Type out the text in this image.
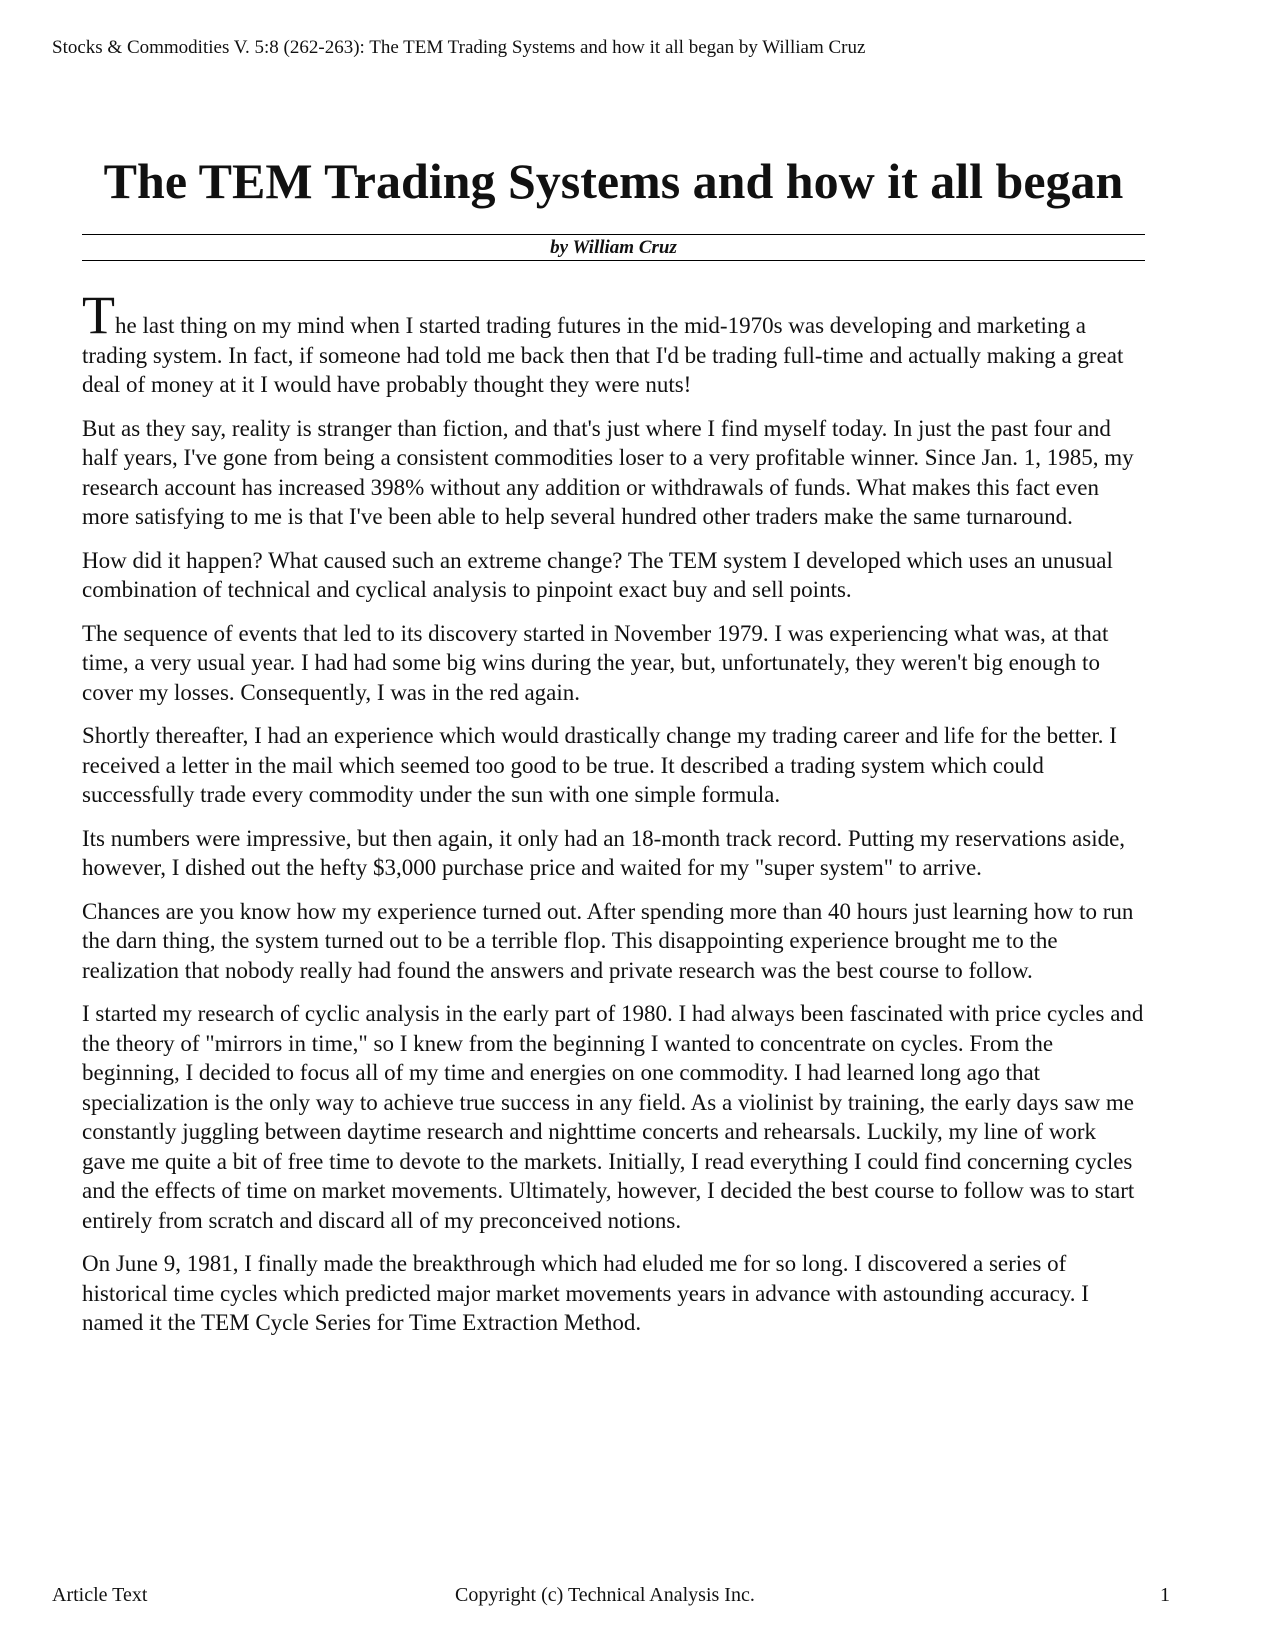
Stocks & Commodities V. 5:8 (262-263): The TEM Trading Systems and how it all began by William Cruz
The TEM Trading Systems and how it all began
by William Cruz

The last thing on my mind when I started trading futures in the mid-1970s was developing and marketing a trading system. In fact, if someone had told me back then that I'd be trading full-time and actually making a great deal of money at it I would have probably thought they were nuts!

But as they say, reality is stranger than fiction, and that's just where I find myself today. In just the past four and half years, I've gone from being a consistent commodities loser to a very profitable winner. Since Jan. 1, 1985, my research account has increased 398% without any addition or withdrawals of funds. What makes this fact even more satisfying to me is that I've been able to help several hundred other traders make the same turnaround.

How did it happen? What caused such an extreme change? The TEM system I developed which uses an unusual combination of technical and cyclical analysis to pinpoint exact buy and sell points.

The sequence of events that led to its discovery started in November 1979. I was experiencing what was, at that time, a very usual year. I had had some big wins during the year, but, unfortunately, they weren't big enough to cover my losses. Consequently, I was in the red again.

Shortly thereafter, I had an experience which would drastically change my trading career and life for the better. I received a letter in the mail which seemed too good to be true. It described a trading system which could successfully trade every commodity under the sun with one simple formula.

Its numbers were impressive, but then again, it only had an 18-month track record. Putting my reservations aside, however, I dished out the hefty $3,000 purchase price and waited for my "super system" to arrive.

Chances are you know how my experience turned out. After spending more than 40 hours just learning how to run the darn thing, the system turned out to be a terrible flop. This disappointing experience brought me to the realization that nobody really had found the answers and private research was the best course to follow.

I started my research of cyclic analysis in the early part of 1980. I had always been fascinated with price cycles and the theory of "mirrors in time," so I knew from the beginning I wanted to concentrate on cycles. From the beginning, I decided to focus all of my time and energies on one commodity. I had learned long ago that specialization is the only way to achieve true success in any field. As a violinist by training, the early days saw me constantly juggling between daytime research and nighttime concerts and rehearsals. Luckily, my line of work gave me quite a bit of free time to devote to the markets. Initially, I read everything I could find concerning cycles and the effects of time on market movements. Ultimately, however, I decided the best course to follow was to start entirely from scratch and discard all of my preconceived notions.

On June 9, 1981, I finally made the breakthrough which had eluded me for so long. I discovered a series of historical time cycles which predicted major market movements years in advance with astounding accuracy. I named it the TEM Cycle Series for Time Extraction Method.

Article Text	Copyright (c) Technical Analysis Inc.	1
